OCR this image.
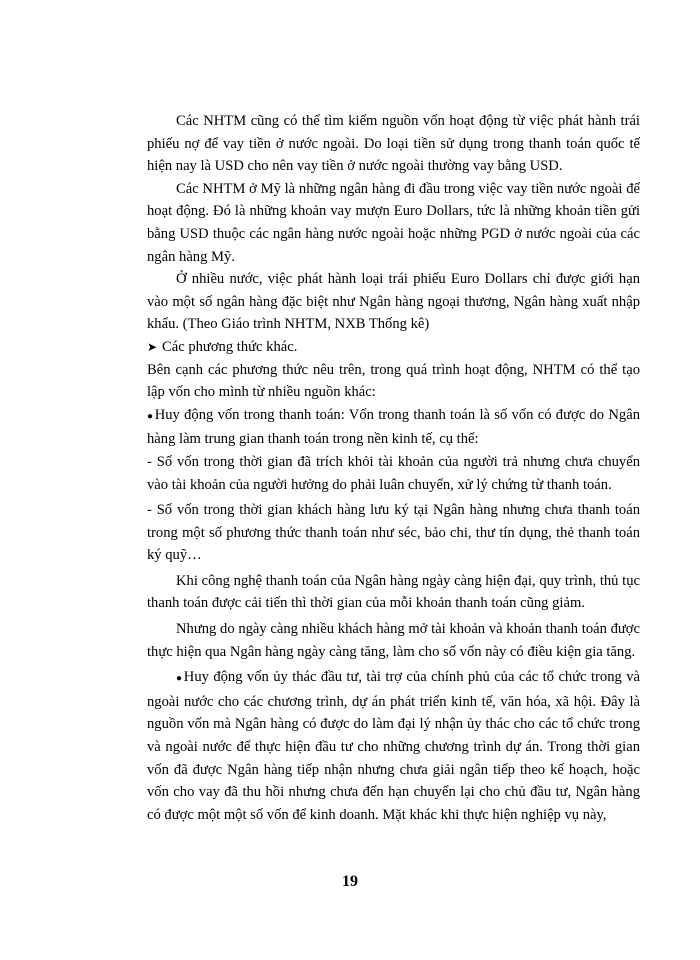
Các NHTM cũng có thể tìm kiếm nguồn vốn hoạt động từ việc phát hành trái phiếu nợ để vay tiền ở nước ngoài. Do loại tiền sử dụng trong thanh toán quốc tế hiện nay là USD cho nên vay tiền ở nước ngoài thường vay bằng USD.

Các NHTM ở Mỹ là những ngân hàng đi đầu trong việc vay tiền nước ngoài để hoạt động. Đó là những khoản vay mượn Euro Dollars, tức là những khoản tiền gửi bằng USD thuộc các ngân hàng nước ngoài hoặc những PGD ở nước ngoài của các ngân hàng Mỹ.

Ở nhiều nước, việc phát hành loại trái phiếu Euro Dollars chỉ được giới hạn vào một số ngân hàng đặc biệt như Ngân hàng ngoại thương, Ngân hàng xuất nhập khẩu. (Theo Giáo trình NHTM, NXB Thống kê)

➤ Các phương thức khác.

Bên cạnh các phương thức nêu trên, trong quá trình hoạt động, NHTM có thể tạo lập vốn cho mình từ nhiều nguồn khác:

●Huy động vốn trong thanh toán: Vốn trong thanh toán là số vốn có được do Ngân hàng làm trung gian thanh toán trong nền kinh tế, cụ thể:

- Số vốn trong thời gian đã trích khỏi tài khoản của người trả nhưng chưa chuyển vào tài khoản của người hưởng do phải luân chuyển, xử lý chứng từ thanh toán.

- Số vốn trong thời gian khách hàng lưu ký tại Ngân hàng nhưng chưa thanh toán trong một số phương thức thanh toán như séc, bảo chi, thư tín dụng, thẻ thanh toán ký quỹ…

Khi công nghệ thanh toán của Ngân hàng ngày càng hiện đại, quy trình, thủ tục thanh toán được cải tiến thì thời gian của mỗi khoản thanh toán cũng giảm.

Nhưng do ngày càng nhiều khách hàng mở tài khoản và khoản thanh toán được thực hiện qua Ngân hàng ngày càng tăng, làm cho số vốn này có điều kiện gia tăng.

●Huy động vốn ủy thác đầu tư, tài trợ của chính phủ của các tổ chức trong và ngoài nước cho các chương trình, dự án phát triển kinh tế, văn hóa, xã hội. Đây là nguồn vốn mà Ngân hàng có được do làm đại lý nhận ủy thác cho các tổ chức trong và ngoài nước để thực hiện đầu tư cho những chương trình dự án. Trong thời gian vốn đã được Ngân hàng tiếp nhận nhưng chưa giải ngân tiếp theo kế hoạch, hoặc vốn cho vay đã thu hồi nhưng chưa đến hạn chuyển lại cho chủ đầu tư, Ngân hàng có được một một số vốn để kinh doanh. Mặt khác khi thực hiện nghiệp vụ này,

19
